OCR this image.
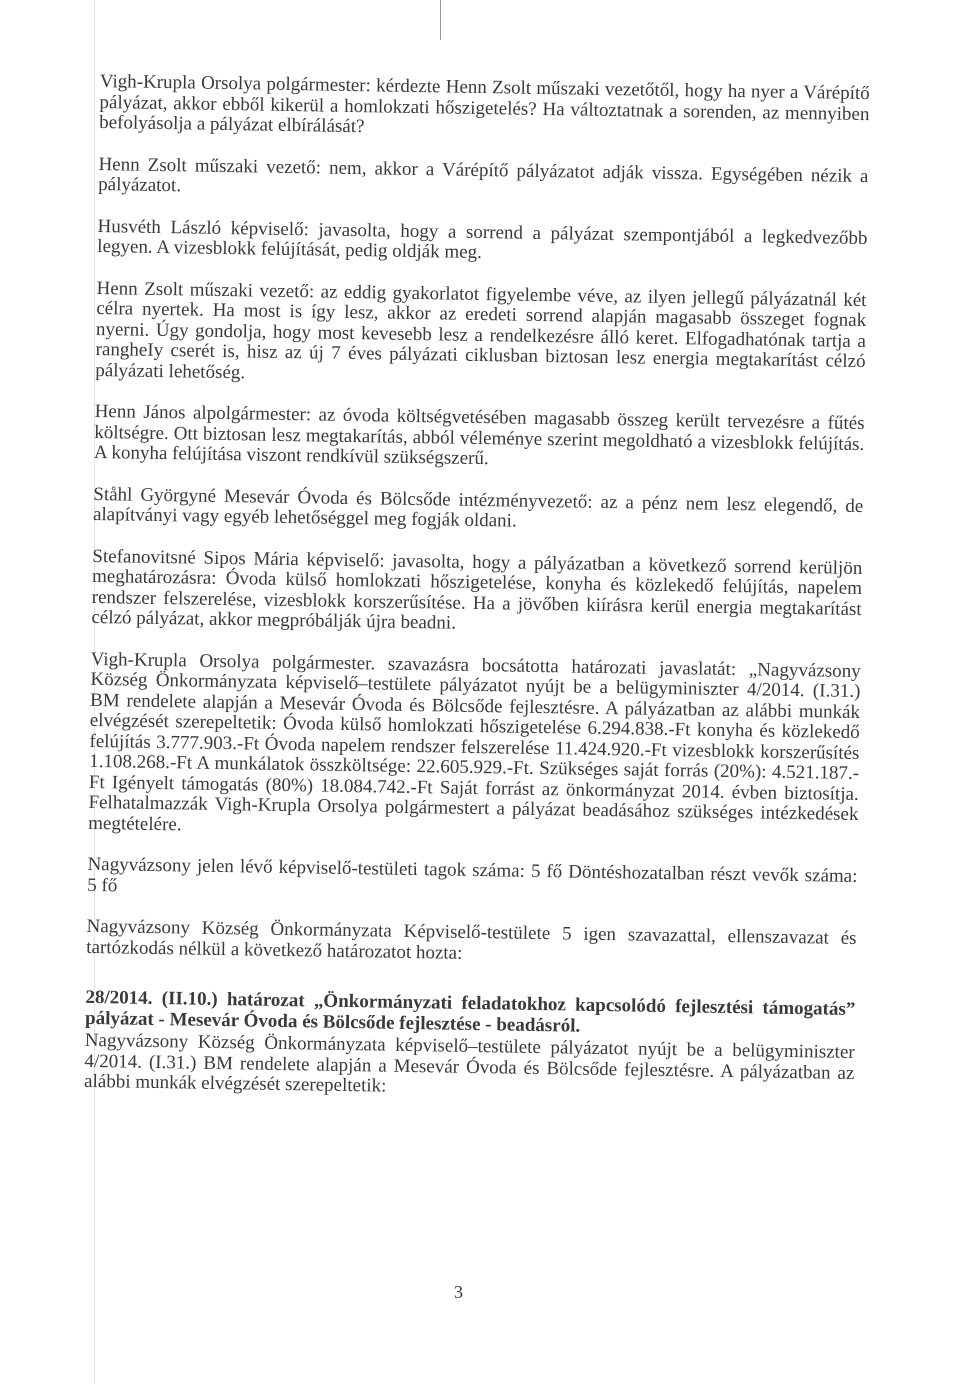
Vigh-Krupla Orsolya polgármester: kérdezte Henn Zsolt műszaki vezetőtől, hogy ha nyer a Várépítő pályázat, akkor ebből kikerül a homlokzati hőszigetelés? Ha változtatnak a sorenden, az mennyiben befolyásolja a pályázat elbírálását?

Henn Zsolt műszaki vezető: nem, akkor a Várépítő pályázatot adják vissza. Egységében nézik a pályázatot.

Husvéth László képviselő: javasolta, hogy a sorrend a pályázat szempontjából a legkedvezőbb legyen. A vizesblokk felújítását, pedig oldják meg.

Henn Zsolt műszaki vezető: az eddig gyakorlatot figyelembe véve, az ilyen jellegű pályázatnál két célra nyertek. Ha most is így lesz, akkor az eredeti sorrend alapján magasabb összeget fognak nyerni. Úgy gondolja, hogy most kevesebb lesz a rendelkezésre álló keret. Elfogadhatónak tartja a rangheIy cserét is, hisz az új 7 éves pályázati ciklusban biztosan lesz energia megtakarítást célzó pályázati lehetőség.

Henn János alpolgármester: az óvoda költségvetésében magasabb összeg került tervezésre a fűtés költségre. Ott biztosan lesz megtakarítás, abból véleménye szerint megoldható a vizesblokk felújítás. A konyha felújítása viszont rendkívül szükségszerű.

Ståhl Györgyné Mesevár Óvoda és Bölcsőde intézményvezető: az a pénz nem lesz elegendő, de alapítványi vagy egyéb lehetőséggel meg fogják oldani.

Stefanovitsné Sipos Mária képviselő: javasolta, hogy a pályázatban a következő sorrend kerüljön meghatározásra: Óvoda külső homlokzati hőszigetelése, konyha és közlekedő felújítás, napelem rendszer felszerelése, vizesblokk korszerűsítése. Ha a jövőben kiírásra kerül energia megtakarítást célzó pályázat, akkor megpróbálják újra beadni.

Vigh-Krupla Orsolya polgármester. szavazásra bocsátotta határozati javaslatát: „Nagyvázsony Község Önkormányzata képviselő–testülete pályázatot nyújt be a belügyminiszter 4/2014. (I.31.) BM rendelete alapján a Mesevár Óvoda és Bölcsőde fejlesztésre. A pályázatban az alábbi munkák elvégzését szerepeltetik: Óvoda külső homlokzati hőszigetelése 6.294.838.-Ft konyha és közlekedő felújítás 3.777.903.-Ft Óvoda napelem rendszer felszerelése 11.424.920.-Ft vizesblokk korszerűsítés 1.108.268.-Ft A munkálatok összköltsége: 22.605.929.-Ft. Szükséges saját forrás (20%): 4.521.187.-Ft Igényelt támogatás (80%) 18.084.742.-Ft Saját forrást az önkormányzat 2014. évben biztosítja. Felhatalmazzák Vigh-Krupla Orsolya polgármestert a pályázat beadásához szükséges intézkedések megtételére.

Nagyvázsony jelen lévő képviselő-testületi tagok száma: 5 fő Döntéshozatalban részt vevők száma: 5 fő

Nagyvázsony Község Önkormányzata Képviselő-testülete 5 igen szavazattal, ellenszavazat és tartózkodás nélkül a következő határozatot hozta:

28/2014. (II.10.) határozat „Önkormányzati feladatokhoz kapcsolódó fejlesztési támogatás” pályázat - Mesevár Óvoda és Bölcsőde fejlesztése - beadásról.

Nagyvázsony Község Önkormányzata képviselő–testülete pályázatot nyújt be a belügyminiszter 4/2014. (I.31.) BM rendelete alapján a Mesevár Óvoda és Bölcsőde fejlesztésre. A pályázatban az alábbi munkák elvégzését szerepeltetik:

3
